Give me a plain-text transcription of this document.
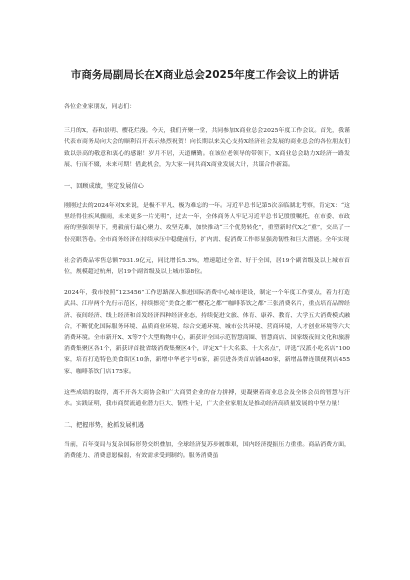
市商务局副局长在X商业总会2025年度工作会议上的讲话

各位企业家朋友，同志们：

三月的X，春和景明、樱花烂漫。今天，我们齐聚一堂，共同参加X商业总会2025年度工作会议。首先，我谨代表市商务局向大会的顺利召开表示热烈祝贺！向长期以来关心支持X经济社会发展的商业总会的各位朋友们致以崇高的敬意和衷心的感谢！岁月不居，天道酬勤。在该位老领导的带领下，X商业总会助力X经济一路发展、行而不辍，未来可期！借此机会，为大家一同共商X商业发展大计，共谋合作新篇。

一、回顾成绩，坚定发展信心

刚刚过去的2024年对X来说，是极不平凡、极为难忘的一年。习近平总书记第5次亲临湖北考察，肯定X：“这里经得住疾风骤雨，未来更多一片光明”，过去一年，全体商务人牢记习近平总书记殷殷嘱托，在市委、市政府的坚强领导下，勇毅前行最心聚力、攻坚克难，加快推动“三个优势转化”，重塑新时代X之“重”，交出了一份亮眼答卷。全市商务经济在持续承压中稳健前行，扩内需、促消费工作彰显强劲韧性和巨大潜能。全年实现

社会消费品零售总额7931.9亿元，同比增长5.3%，增速超过全省、好于全国，居19个副省级及以上城市首位，规模超过杭州，居19个副省级及以上城市第8位。

2024年，我市按照“123456”工作思路深入推进国际消费中心城市建设，制定一个年度工作要点，着力打造武昌、江岸两个先行示范区，持续擦亮“美食之都”“樱花之都”“咖啡茶饮之都”三张消费名片，重点培育品牌经济、夜间经济、线上经济和首发经济四种经济业态，持续促进文旅、体育、康养、教育、大学五大消费模式融合，不断优化国际服务环境、品质商业环境、综合交通环境、城市公共环境、营商环境，人才创业环境等六大消费环境。全市新开X、X等7个大型购物中心，新获评全国示范智慧商圈、智慧商店、国家级夜间文化和旅游消费集聚区各1个，新获评首批省级消费集聚区4个，评定X“十大名菜、十大名点”，评选“汉派小吃名店”100家，培育打造特色美食街区10条，新增中华老字号6家，新引进各类首店铺480家，新增品牌连锁便利店455家、咖啡茶饮门店175家。

这些成绩的取得，离不开各大商协会和广大商贸企业的奋力拼搏，更凝聚着商业总会及全体会员的智慧与汗水。实践证明，我市商贸流通业潜力巨大、韧性十足，广大企业家朋友是推动经济高质量发展的中坚力量！

二、把握形势，抢抓发展机遇

当前，百年变局与复杂国际形势交织叠加，全球经济复苏步履维艰，国内经济提振压力重重。商品消费方面，消费能力、消费意愿偏弱，有效需求受到制约。服务消费虽
